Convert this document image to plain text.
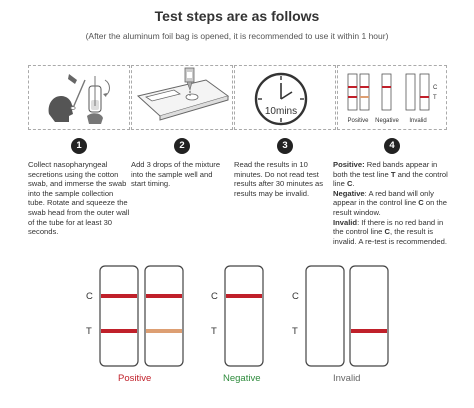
Test steps are as follows
(After the aluminum foil bag is opened, it is recommended to use it within 1 hour)
10mins
C
T
Positive Negative Invalid
1	2	3	4
Collect nasopharyngeal secretions using the cotton swab, and immerse the swab into the sample collection tube. Rotate and squeeze the swab head from the outer wall of the tube for at least 30 seconds.
Add 3 drops of the mixture into the sample well and start timing.
Read the results in 10 minutes. Do not read test results after 30 minutes as results may be invalid.
Positive: Red bands appear in both the test line T and the control line C.
Negative: A red band will only appear in the control line C on the result window.
Invalid: If there is no red band in the control line C, the result is invalid. A re-test is recommended.
C
T
C
T
C
T
Positive	Negative	Invalid
